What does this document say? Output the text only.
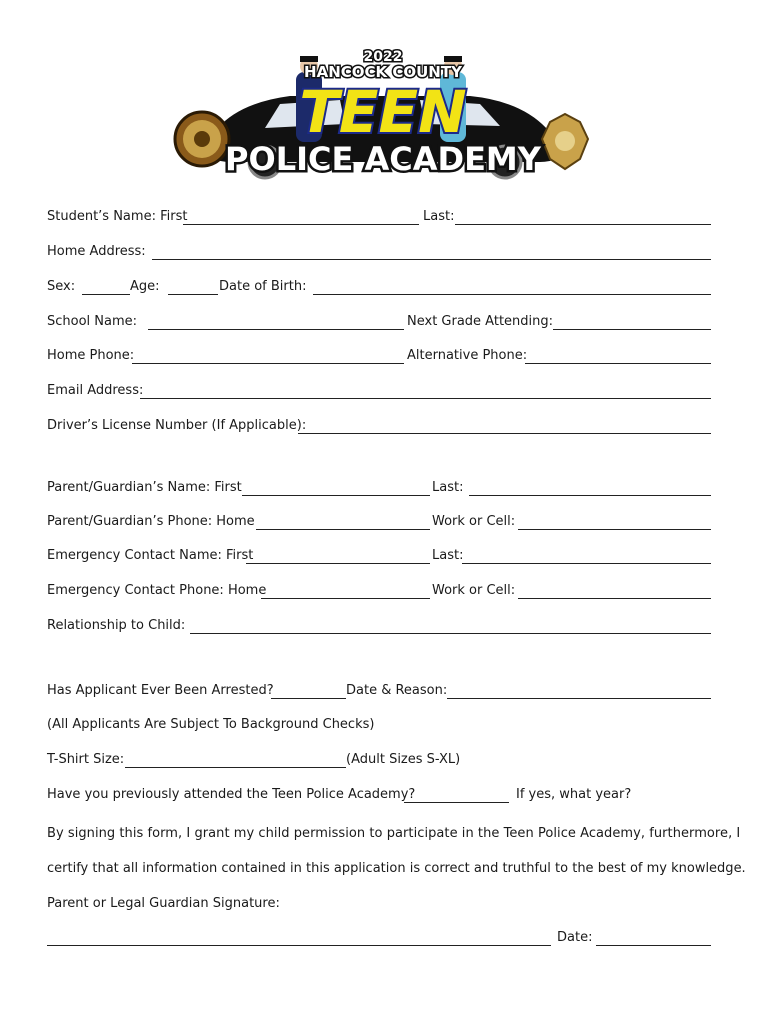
2022
HANCOCK COUNTY
TEEN
POLICE ACADEMY
Student’s Name: First	Last:
Home Address:
Sex:	Age:	Date of Birth:
School Name:	Next Grade Attending:
Home Phone:	Alternative Phone:
Email Address:
Driver’s License Number (If Applicable):
Parent/Guardian’s Name: First	Last:
Parent/Guardian’s Phone: Home	Work or Cell:
Emergency Contact Name: First	Last:
Emergency Contact Phone: Home	Work or Cell:
Relationship to Child:
Has Applicant Ever Been Arrested?	Date & Reason:
(All Applicants Are Subject To Background Checks)
T-Shirt Size:	(Adult Sizes S-XL)
Have you previously attended the Teen Police Academy?	If yes, what year?
By signing this form, I grant my child permission to participate in the Teen Police Academy, furthermore, I
certify that all information contained in this application is correct and truthful to the best of my knowledge.
Parent or Legal Guardian Signature:
Date:
